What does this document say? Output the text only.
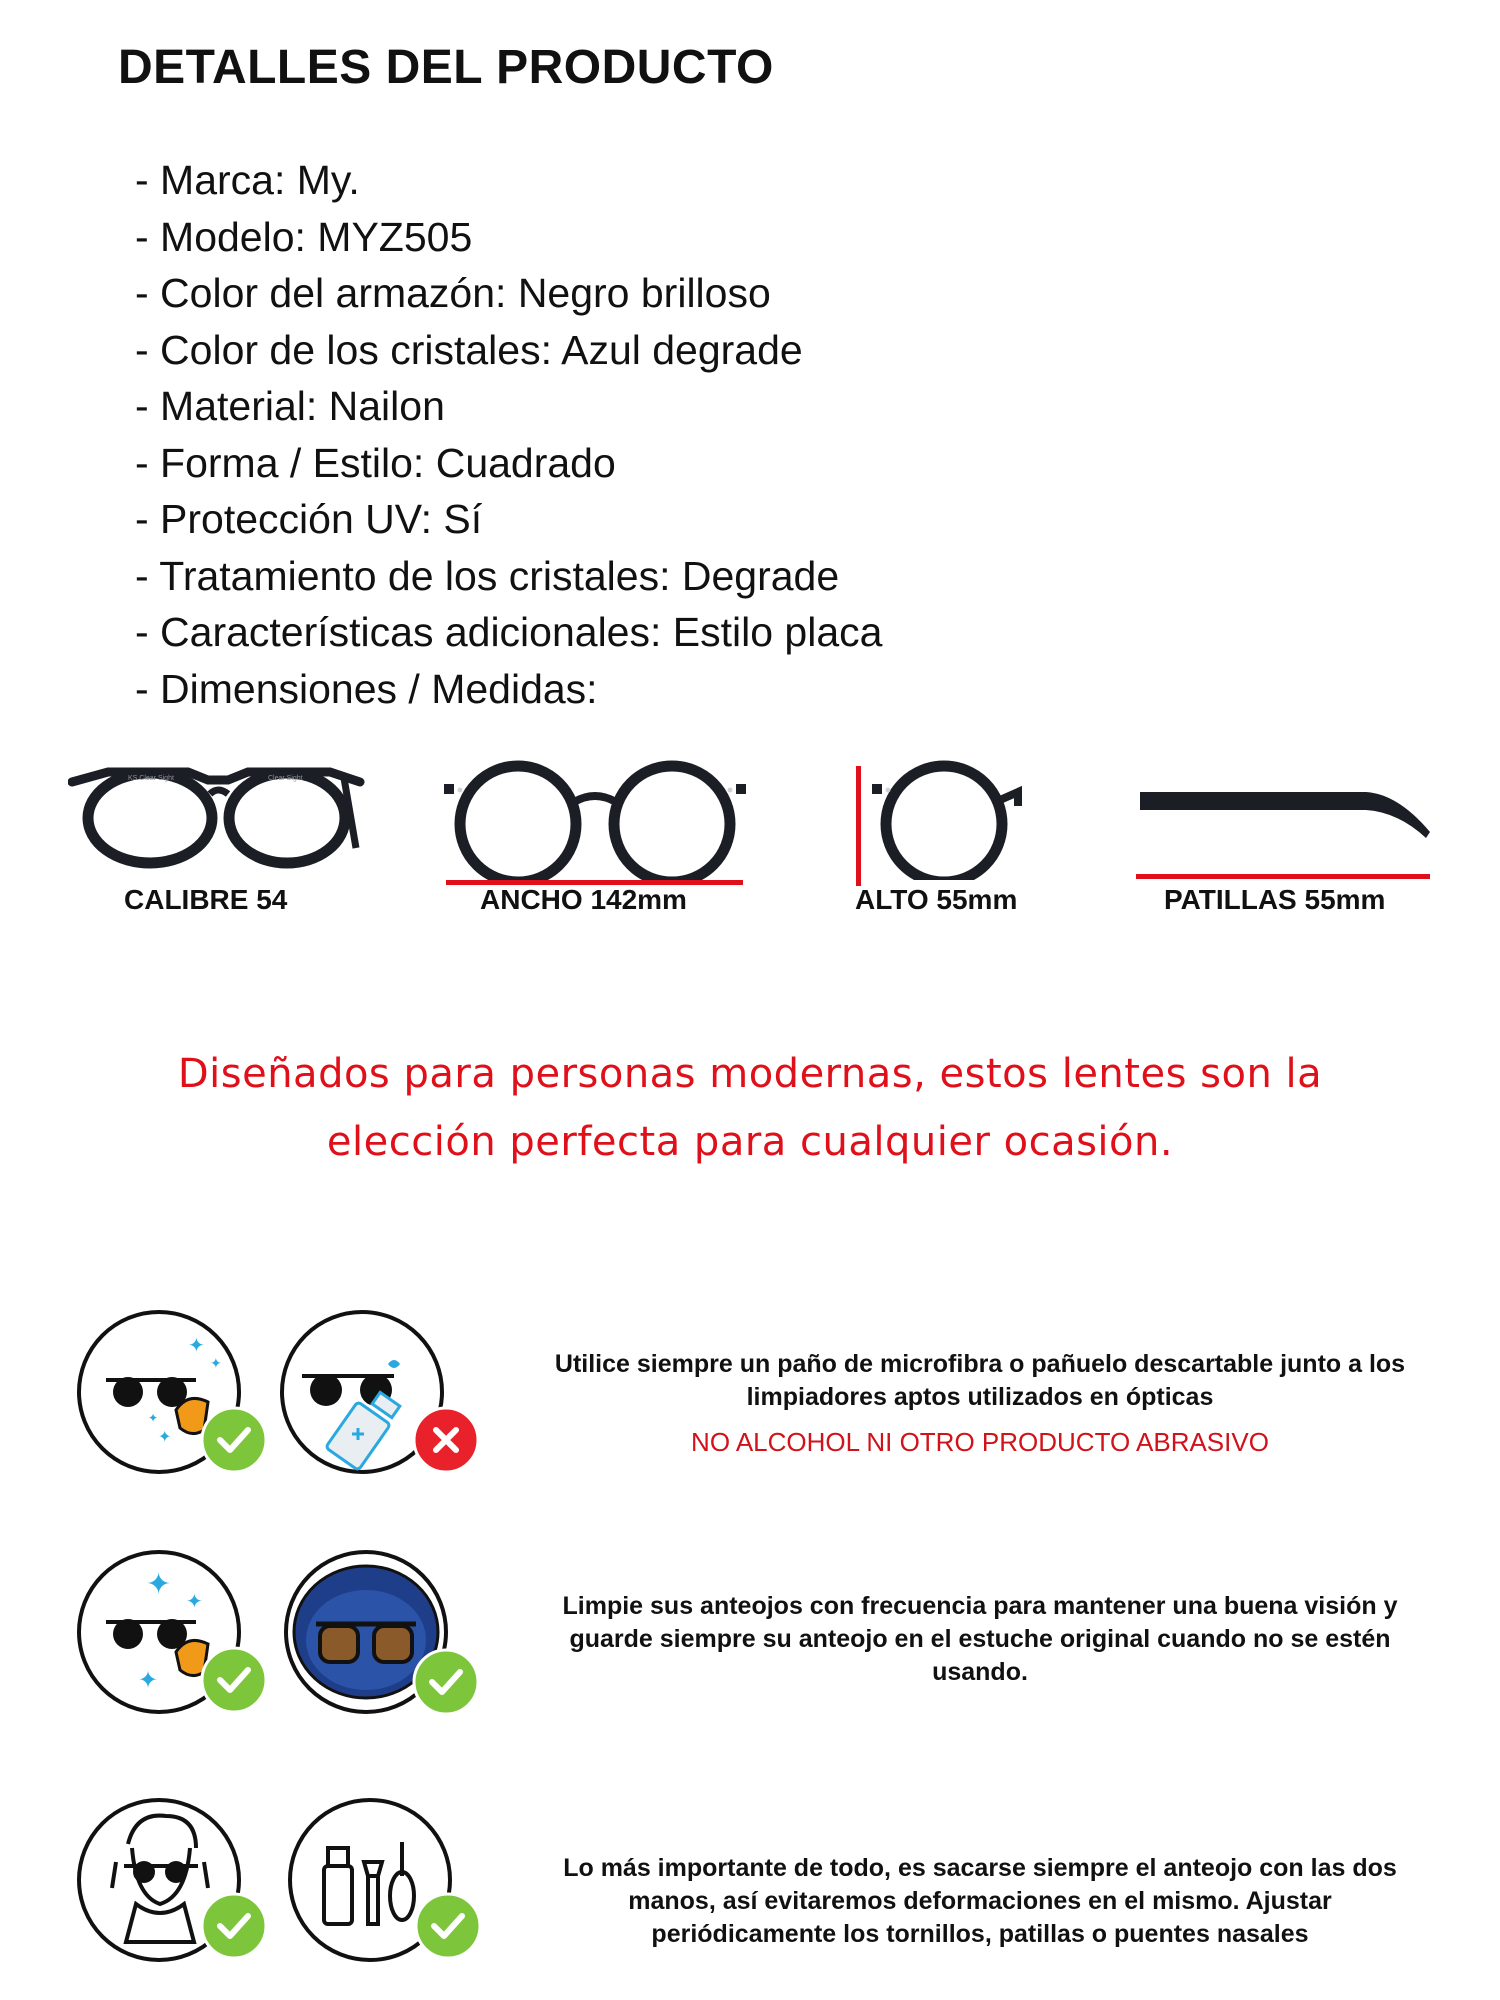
DETALLES DEL PRODUCTO
- Marca: My.
- Modelo: MYZ505
- Color del armazón: Negro brilloso
- Color de los cristales: Azul degrade
- Material: Nailon
- Forma / Estilo: Cuadrado
- Protección UV: Sí
- Tratamiento de los cristales: Degrade
- Características adicionales: Estilo placa
- Dimensiones / Medidas:
KS Clear Sight	Clear Sight
CALIBRE 54	ANCHO 142mm	ALTO 55mm	PATILLAS 55mm
Diseñados para personas modernas, estos lentes son la
elección perfecta para cualquier ocasión.
✦
✦
✦
✦
Utilice siempre un paño de microfibra o pañuelo descartable junto a los limpiadores aptos utilizados en ópticas
NO ALCOHOL NI OTRO PRODUCTO ABRASIVO
✦ ✦
✦
Limpie sus anteojos con frecuencia para mantener una buena visión y guarde siempre su anteojo en el estuche original cuando no se estén usando.
Lo más importante de todo, es sacarse siempre el anteojo con las dos manos, así evitaremos deformaciones en el mismo. Ajustar periódicamente los tornillos, patillas o puentes nasales
